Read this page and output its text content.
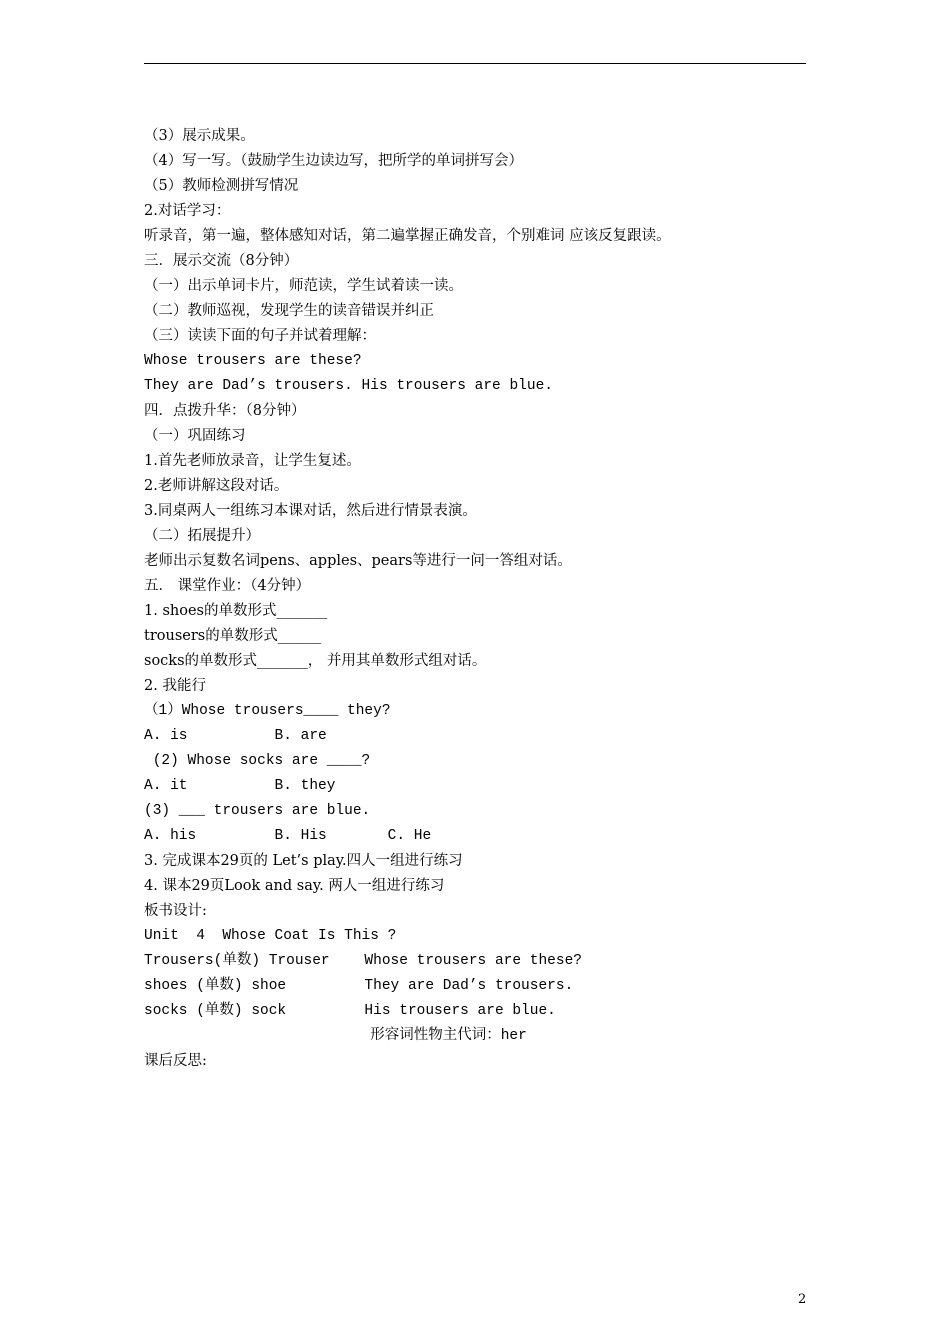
（3）展示成果。
（4）写一写。（鼓励学生边读边写，把所学的单词拼写会）
（5）教师检测拼写情况
2.对话学习：
听录音，第一遍，整体感知对话，第二遍掌握正确发音，个别难词 应该反复跟读。
三．展示交流（8分钟）
（一）出示单词卡片，师范读，学生试着读一读。
（二）教师巡视，发现学生的读音错误并纠正
（三）读读下面的句子并试着理解：
Whose trousers are these?
They are Dad’s trousers. His trousers are blue.
四．点拨升华：（8分钟）
（一）巩固练习
1.首先老师放录音，让学生复述。
2.老师讲解这段对话。
3.同桌两人一组练习本课对话，然后进行情景表演。
（二）拓展提升）
老师出示复数名词pens、apples、pears等进行一问一答组对话。
五． 课堂作业：（4分钟）
1. shoes的单数形式_______
trousers的单数形式______
socks的单数形式_______， 并用其单数形式组对话。
2. 我能行
（1）Whose trousers____ they?
A. is          B. are
(2) Whose socks are ____?
A. it          B. they
(3) ___ trousers are blue.
A. his         B. His       C. He
3. 完成课本29页的 Let’s play.四人一组进行练习
4. 课本29页Look and say. 两人一组进行练习
板书设计:
Unit  4  Whose Coat Is This ?
Trousers(单数) Trouser    Whose trousers are these?
shoes (单数) shoe         They are Dad’s trousers.
socks (单数) sock         His trousers are blue.
形容词性物主代词：her
课后反思:
2
